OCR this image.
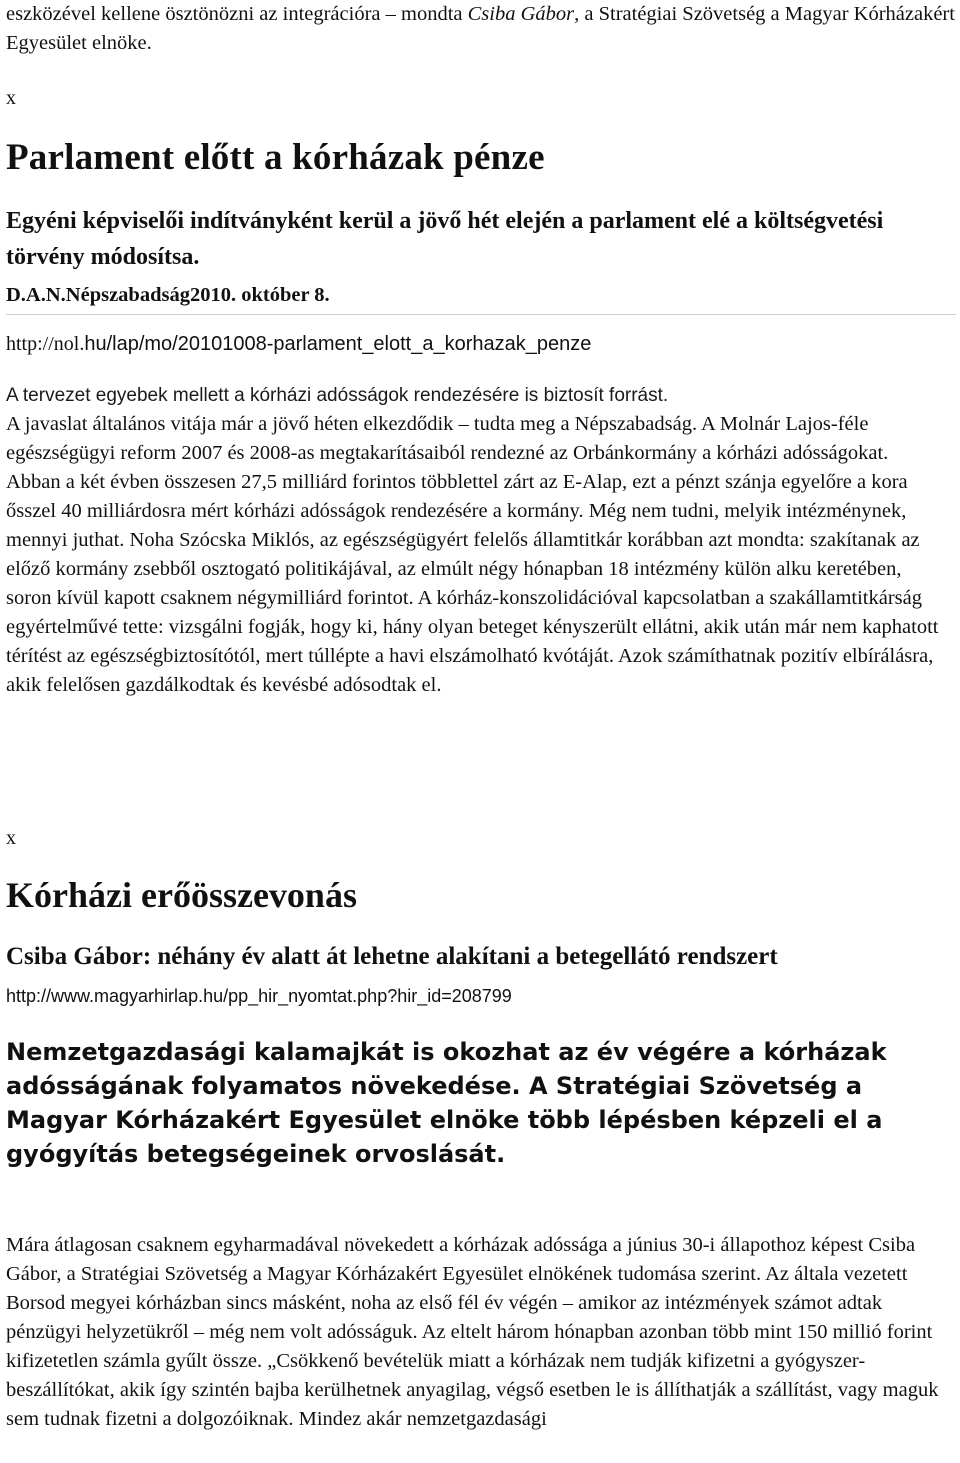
eszközével kellene ösztönözni az integrációra – mondta Csiba Gábor, a Stratégiai Szövetség a Magyar Kórházakért Egyesület elnöke.

x

Parlament előtt a kórházak pénze
Egyéni képviselői indítványként kerül a jövő hét elején a parlament elé a költségvetési törvény módosítsa.
D.A.N.Népszabadság2010. október 8.
http://nol.hu/lap/mo/20101008-parlament_elott_a_korhazak_penze
A tervezet egyebek mellett a kórházi adósságok rendezésére is biztosít forrást.

A javaslat általános vitája már a jövő héten elkezdődik – tudta meg a Népszabadság. A Molnár Lajos-féle egészségügyi reform 2007 és 2008-as megtakarításaiból rendezné az Orbánkormány a kórházi adósságokat. Abban a két évben összesen 27,5 milliárd forintos többlettel zárt az E-Alap, ezt a pénzt szánja egyelőre a kora ősszel 40 milliárdosra mért kórházi adósságok rendezésére a kormány. Még nem tudni, melyik intézménynek, mennyi juthat. Noha Szócska Miklós, az egészségügyért felelős államtitkár korábban azt mondta: szakítanak az előző kormány zsebből osztogató politikájával, az elmúlt négy hónapban 18 intézmény külön alku keretében, soron kívül kapott csaknem négymilliárd forintot. A kórház-konszolidációval kapcsolatban a szakállamtitkárság egyértelművé tette: vizsgálni fogják, hogy ki, hány olyan beteget kényszerült ellátni, akik után már nem kaphatott térítést az egészségbiztosítótól, mert túllépte a havi elszámolható kvótáját. Azok számíthatnak pozitív elbírálásra, akik felelősen gazdálkodtak és kevésbé adósodtak el.

x

Kórházi erőösszevonás
Csiba Gábor: néhány év alatt át lehetne alakítani a betegellátó rendszert
http://www.magyarhirlap.hu/pp_hir_nyomtat.php?hir_id=208799
Nemzetgazdasági kalamajkát is okozhat az év végére a kórházak adósságának folyamatos növekedése. A Stratégiai Szövetség a Magyar Kórházakért Egyesület elnöke több lépésben képzeli el a gyógyítás betegségeinek orvoslását.

Mára átlagosan csaknem egyharmadával növekedett a kórházak adóssága a június 30-i állapothoz képest Csiba Gábor, a Stratégiai Szövetség a Magyar Kórházakért Egyesület elnökének tudomása szerint. Az általa vezetett Borsod megyei kórházban sincs másként, noha az első fél év végén – amikor az intézmények számot adtak pénzügyi helyzetükről – még nem volt adósságuk. Az eltelt három hónapban azonban több mint 150 millió forint kifizetetlen számla gyűlt össze. „Csökkenő bevételük miatt a kórházak nem tudják kifizetni a gyógyszer-beszállítókat, akik így szintén bajba kerülhetnek anyagilag, végső esetben le is állíthatják a szállítást, vagy maguk sem tudnak fizetni a dolgozóiknak. Mindez akár nemzetgazdasági
